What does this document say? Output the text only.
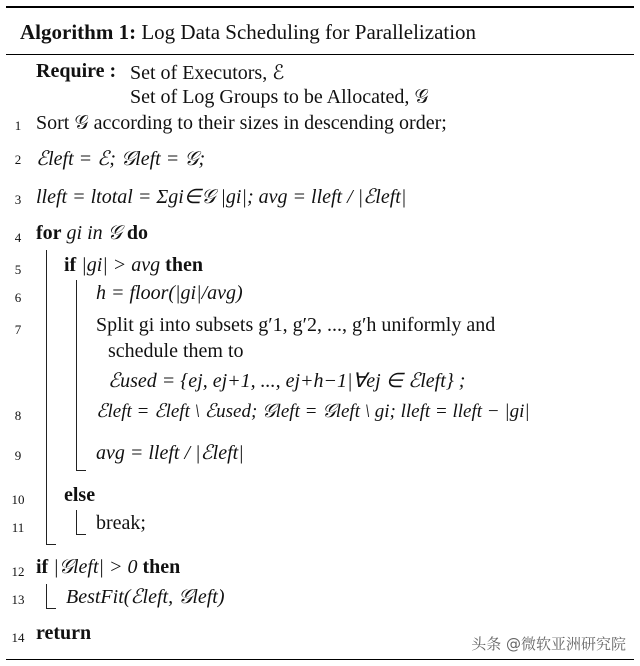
Algorithm 1: Log Data Scheduling for Parallelization
Require : Set of Executors, ℰ
Set of Log Groups to be Allocated, 𝒢
1 Sort 𝒢 according to their sizes in descending order;
2 ℰleft = ℰ; 𝒢left = 𝒢;
3 lleft = ltotal = Σgi∈𝒢 |gi|; avg = lleft / |ℰleft|
4 for gi in 𝒢 do
5 if |gi| > avg then
6	h = floor(|gi|/avg)
7	Split gi into subsets g′1, g′2, ..., g′h uniformly and
schedule them to
ℰused = {ej, ej+1, ..., ej+h−1|∀ej ∈ ℰleft} ;
8	ℰleft = ℰleft \ ℰused; 𝒢left = 𝒢left \ gi; lleft = lleft − |gi|
9	avg = lleft / |ℰleft|
10 else
11	break;
12 if |𝒢left| > 0 then
13 BestFit(ℰleft, 𝒢left)
14 return	头条 @微软亚洲研究院
